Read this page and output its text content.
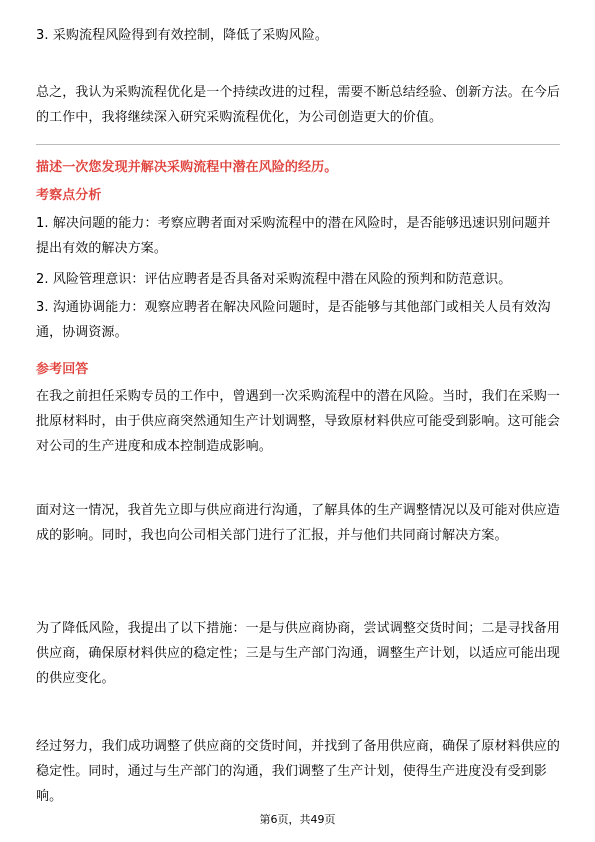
3. 采购流程风险得到有效控制，降低了采购风险。
总之，我认为采购流程优化是一个持续改进的过程，需要不断总结经验、创新方法。在今后的工作中，我将继续深入研究采购流程优化，为公司创造更大的价值。
描述一次您发现并解决采购流程中潜在风险的经历。
考察点分析
1. 解决问题的能力：考察应聘者面对采购流程中的潜在风险时，是否能够迅速识别问题并提出有效的解决方案。
2. 风险管理意识：评估应聘者是否具备对采购流程中潜在风险的预判和防范意识。
3. 沟通协调能力：观察应聘者在解决风险问题时，是否能够与其他部门或相关人员有效沟通，协调资源。
参考回答
在我之前担任采购专员的工作中，曾遇到一次采购流程中的潜在风险。当时，我们在采购一批原材料时，由于供应商突然通知生产计划调整，导致原材料供应可能受到影响。这可能会对公司的生产进度和成本控制造成影响。
面对这一情况，我首先立即与供应商进行沟通，了解具体的生产调整情况以及可能对供应造成的影响。同时，我也向公司相关部门进行了汇报，并与他们共同商讨解决方案。
为了降低风险，我提出了以下措施：一是与供应商协商，尝试调整交货时间；二是寻找备用供应商，确保原材料供应的稳定性；三是与生产部门沟通，调整生产计划，以适应可能出现的供应变化。
经过努力，我们成功调整了供应商的交货时间，并找到了备用供应商，确保了原材料供应的稳定性。同时，通过与生产部门的沟通，我们调整了生产计划，使得生产进度没有受到影响。
第6页，共49页
